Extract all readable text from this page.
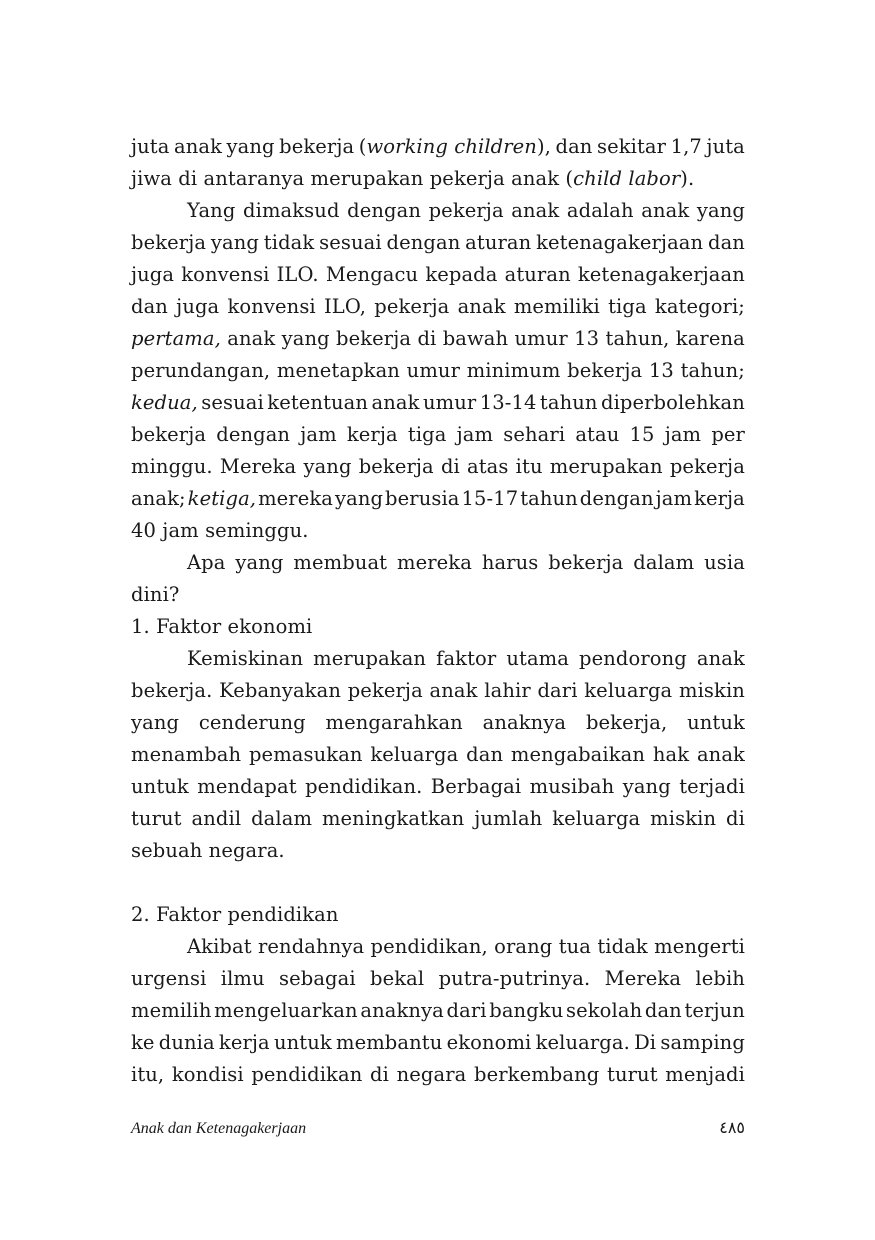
juta anak yang bekerja (working children), dan sekitar 1,7 juta
jiwa di antaranya merupakan pekerja anak (child labor).
Yang dimaksud dengan pekerja anak adalah anak yang
bekerja yang tidak sesuai dengan aturan ketenagakerjaan dan
juga konvensi ILO. Mengacu kepada aturan ketenagakerjaan
dan juga konvensi ILO, pekerja anak memiliki tiga kategori;
pertama, anak yang bekerja di bawah umur 13 tahun, karena
perundangan, menetapkan umur minimum bekerja 13 tahun;
kedua, sesuai ketentuan anak umur 13-14 tahun diperbolehkan
bekerja dengan jam kerja tiga jam sehari atau 15 jam per
minggu. Mereka yang bekerja di atas itu merupakan pekerja
anak; ketiga, mereka yang berusia 15-17 tahun dengan jam kerja
40 jam seminggu.
Apa yang membuat mereka harus bekerja dalam usia
dini?
1. Faktor ekonomi
Kemiskinan merupakan faktor utama pendorong anak
bekerja. Kebanyakan pekerja anak lahir dari keluarga miskin
yang cenderung mengarahkan anaknya bekerja, untuk
menambah pemasukan keluarga dan mengabaikan hak anak
untuk mendapat pendidikan. Berbagai musibah yang terjadi
turut andil dalam meningkatkan jumlah keluarga miskin di
sebuah negara.
2. Faktor pendidikan
Akibat rendahnya pendidikan, orang tua tidak mengerti
urgensi ilmu sebagai bekal putra-putrinya. Mereka lebih
memilih mengeluarkan anaknya dari bangku sekolah dan terjun
ke dunia kerja untuk membantu ekonomi keluarga. Di samping
itu, kondisi pendidikan di negara berkembang turut menjadi
Anak dan Ketenagakerjaan	٤٨٥
